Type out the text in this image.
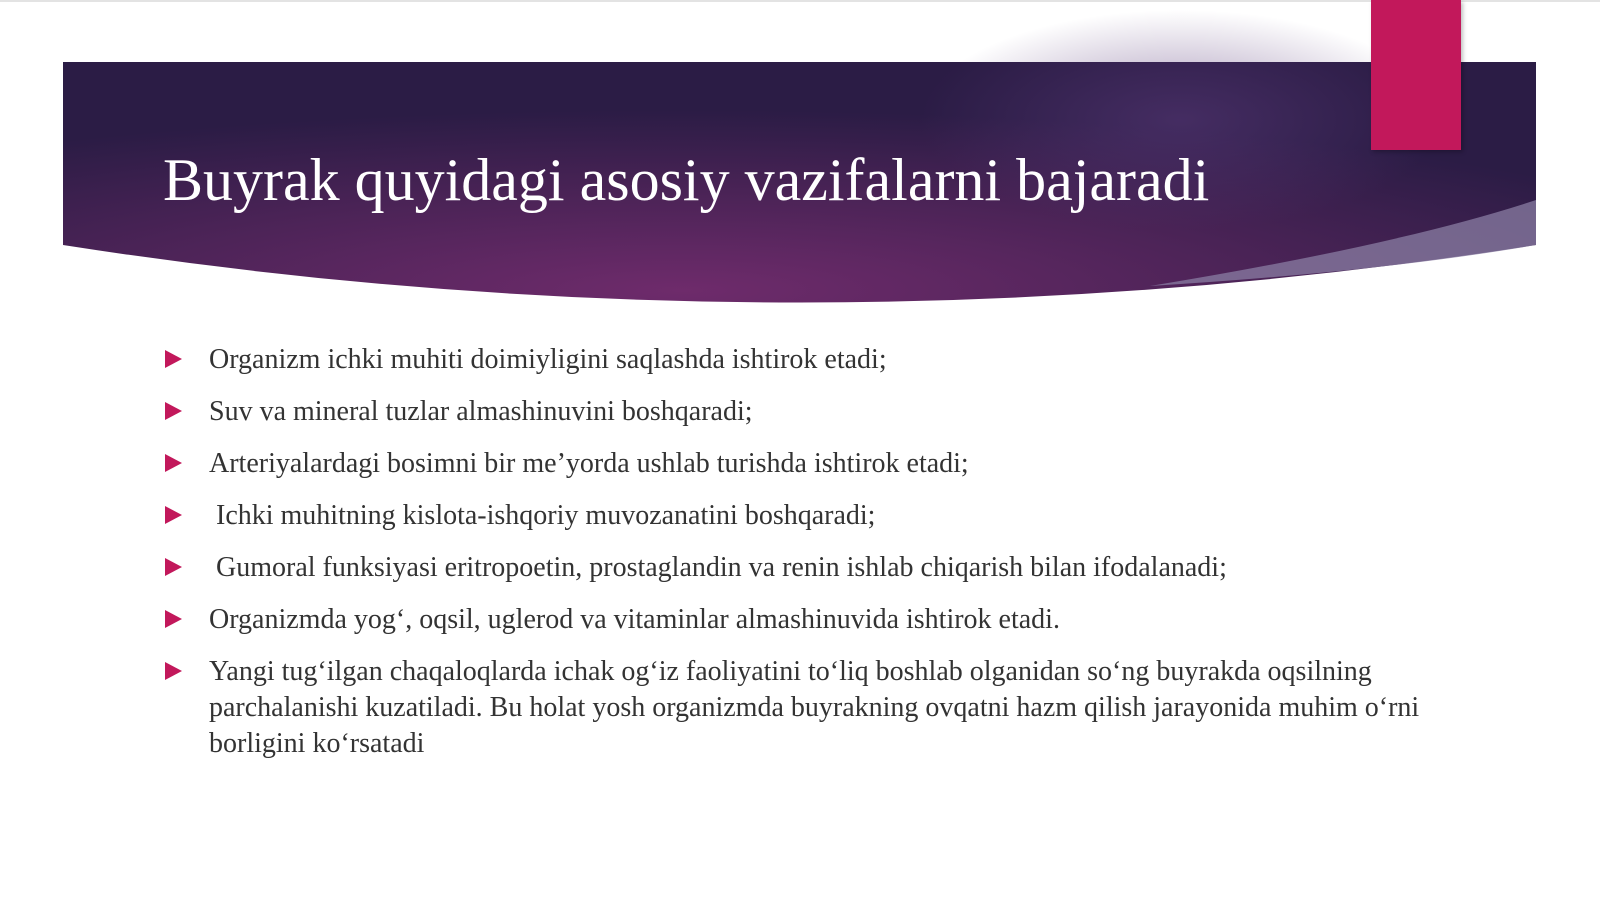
Buyrak quyidagi asosiy vazifalarni bajaradi
Organizm ichki muhiti doimiyligini saqlashda ishtirok etadi;
Suv va mineral tuzlar almashinuvini boshqaradi;
Arteriyalardagi bosimni bir me’yorda ushlab turishda ishtirok etadi;
Ichki muhitning kislota-ishqoriy muvozanatini boshqaradi;
Gumoral funksiyasi eritropoetin, prostaglandin va renin ishlab chiqarish bilan ifodalanadi;
Organizmda yog‘, oqsil, uglerod va vitaminlar almashinuvida ishtirok etadi.
Yangi tug‘ilgan chaqaloqlarda ichak og‘iz faoliyatini to‘liq boshlab olganidan so‘ng buyrakda oqsilning parchalanishi kuzatiladi. Bu holat yosh organizmda buyrakning ovqatni hazm qilish jarayonida muhim o‘rni borligini ko‘rsatadi
